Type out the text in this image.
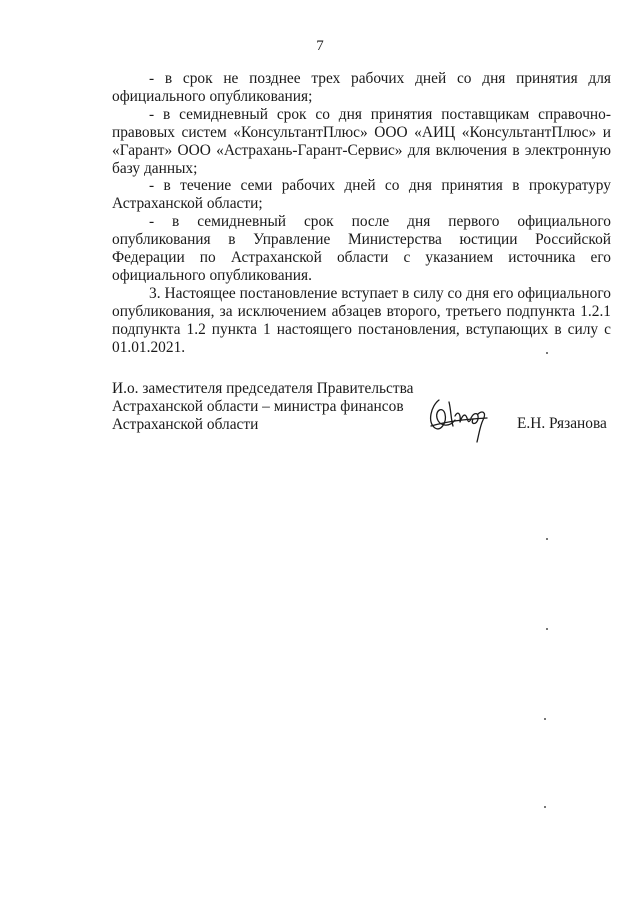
7

- в срок не позднее трех рабочих дней со дня принятия для официального опубликования;

- в семидневный срок со дня принятия поставщикам справочно-правовых систем «КонсультантПлюс» ООО «АИЦ «КонсультантПлюс» и «Гарант» ООО «Астрахань-Гарант-Сервис» для включения в электронную базу данных;

- в течение семи рабочих дней со дня принятия в прокуратуру Астраханской области;

- в семидневный срок после дня первого официального опубликования в Управление Министерства юстиции Российской Федерации по Астраханской области с указанием источника его официального опубликования.

3. Настоящее постановление вступает в силу со дня его официального опубликования, за исключением абзацев второго, третьего подпункта 1.2.1 подпункта 1.2 пункта 1 настоящего постановления, вступающих в силу с 01.01.2021.

И.о. заместителя председателя Правительства
Астраханской области – министра финансов
Астраханской области	Е.Н. Рязанова
